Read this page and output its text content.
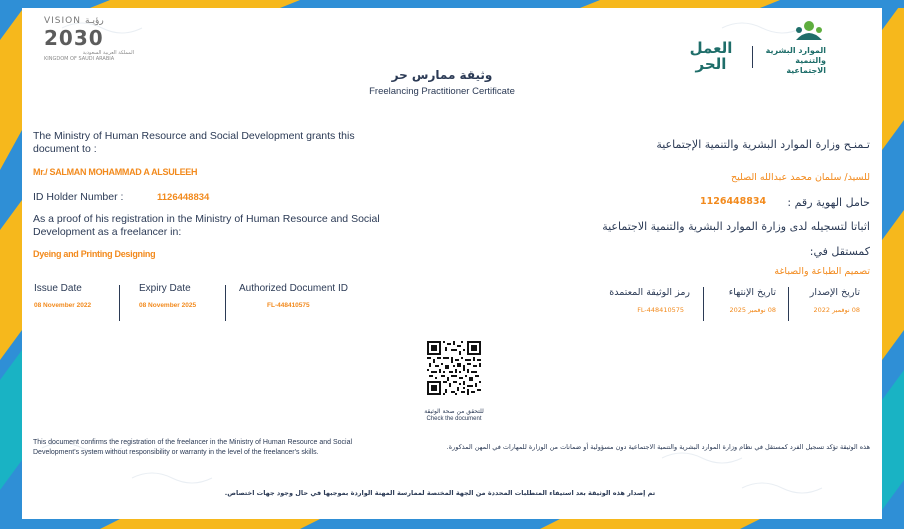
VISION رؤيـة
2030
المملكة العربية السعودية
KINGDOM OF SAUDI ARABIA
الموارد البشرية والتنمية الاجتماعية
العمل الحر
وثيقة ممارس حر
Freelancing Practitioner Certificate
The Ministry of Human Resource and Social Development grants this document to :
Mr./ SALMAN MOHAMMAD A ALSULEEH
ID Holder Number :	1126448834
As a proof of his registration in the Ministry of Human Resource and Social Development as a freelancer in:
Dyeing and Printing Designing
Issue Date
08 November 2022
Expiry Date
08 November 2025
Authorized Document ID
FL-448410575
تـمنـح وزارة الموارد البشرية والتنمية الإجتماعية
للسيد/ سلمان محمد عبدالله الصليح
حامل الهوية رقم :
1126448834
اثباتا لتسجيله لدى وزارة الموارد البشرية والتنمية الاجتماعية
كمستقل في:
تصميم الطباعة والصباغة
تاريخ الإصدار
08 نوفمبر 2022
تاريخ الإنتهاء
08 نوفمبر 2025
رمز الوثيقة المعتمدة
FL-448410575
للتحقق من صحة الوثيقة
Check the document
This document confirms the registration of the freelancer in the Ministry of Human Resource and Social Development's system without responsibility or warranty in the level of the freelancer's skills.
هذه الوثيقة تؤكد تسجيل الفرد كمستقل في نظام وزارة الموارد البشرية والتنمية الاجتماعية دون مسؤولية أو ضمانات من الوزارة للمهارات في المهن المذكورة.
تم إصدار هذه الوثيقة بعد استيفاء المتطلبات المحددة من الجهة المختصة لممارسة المهنة الواردة بموجبها في حال وجود جهات اختصاص.
